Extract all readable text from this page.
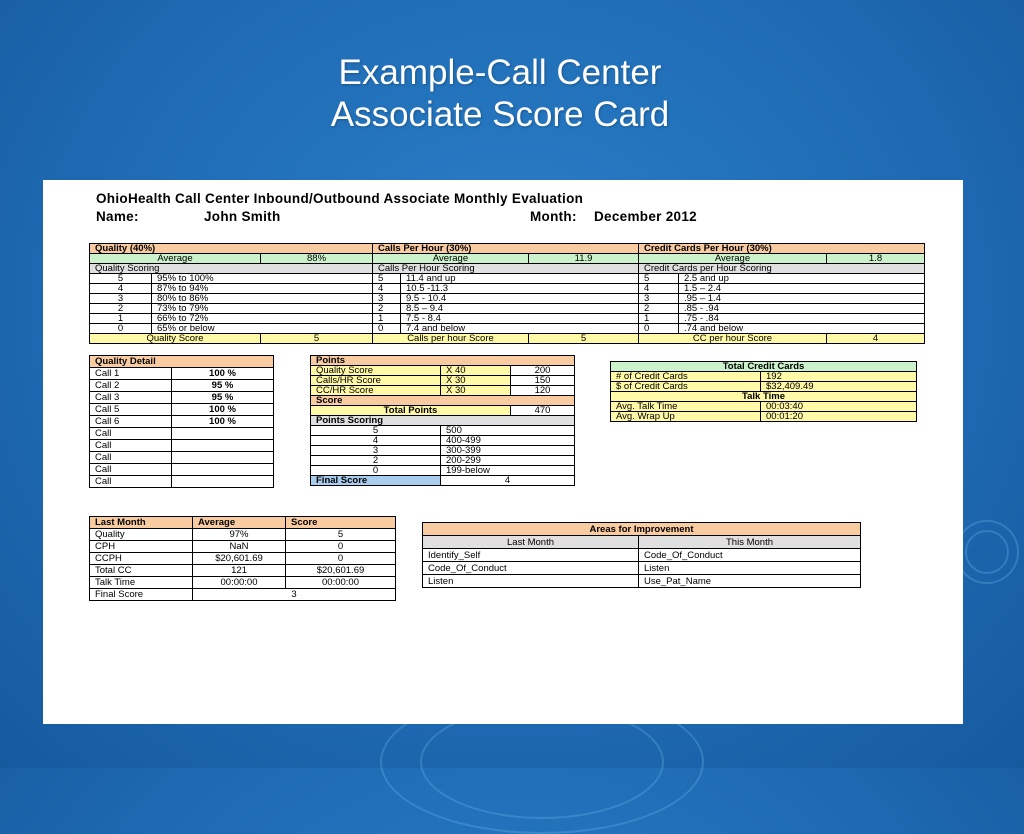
Example-Call Center
Associate Score Card
OhioHealth Call Center Inbound/Outbound Associate Monthly Evaluation
Name:	John Smith	Month: December 2012
Quality (40%)		
Average		88%
Quality Scoring		
5	95% to 100%	
4	87% to 94%	
3	80% to 86%	
2	73% to 79%	
1	66% to 72%	
0	65% or below	
Quality Score		5
Calls Per Hour (30%)		
Average		11.9
Calls Per Hour Scoring		
5	11.4 and up	
4	10.5 -11.3	
3	9.5 - 10.4	
2	8.5 – 9.4	
1	7.5 - 8.4	
0	7.4 and below	
Calls per hour Score		5
Credit Cards Per Hour (30%)		
Average		1.8
Credit Cards per Hour Scoring		
5	2.5 and up	
4	1.5 – 2.4	
3	.95 – 1.4	
2	.85 - .94	
1	.75 - .84	
0	.74 and below	
CC per hour Score		4
Quality Detail	
Call 1	100 %
Call 2	95 %
Call 3	95 %
Call 5	100 %
Call 6	100 %
Call	
Call	
Call	
Call	
Call	
Points		
Quality Score	X 40	200
Calls/HR Score	X 30	150
CC/HR Score	X 30	120
Score		
Total Points		470
Points Scoring		
5	500	
4	400-499	
3	300-399	
2	200-299	
0	199-below	
Final Score	4	
Total Credit Cards	
# of Credit Cards	192
$ of Credit Cards	$32,409.49
Talk Time	
Avg. Talk Time	00:03:40
Avg. Wrap Up	00:01:20
Last Month	Average	Score
Quality	97%	5
CPH	NaN	0
CCPH	$20,601.69	0
Total CC	121	$20,601.69
Talk Time	00:00:00	00:00:00
Final Score	3	
Areas for Improvement	
Last Month	This Month
Identify_Self	Code_Of_Conduct
Code_Of_Conduct	Listen
Listen	Use_Pat_Name
